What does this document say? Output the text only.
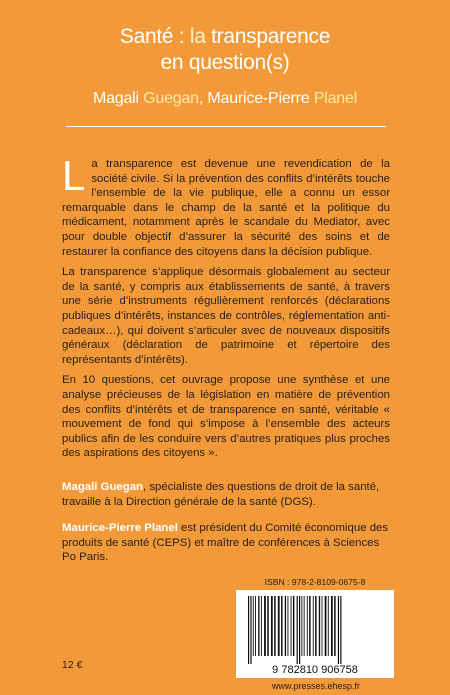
Santé : la transparence
en question(s)
Magali Guegan, Maurice-Pierre Planel

La transparence est devenue une revendication de la société civile. Si la prévention des conflits d’intérêts touche l’ensemble de la vie publique, elle a connu un essor remarquable dans le champ de la santé et la politique du médicament, notamment après le scandale du Mediator, avec pour double objectif d’assurer la sécurité des soins et de restaurer la confiance des citoyens dans la décision publique.

La transparence s’applique désormais globalement au secteur de la santé, y compris aux établissements de santé, à travers une série d’instruments régulièrement renforcés (déclarations publiques d’intérêts, instances de contrôles, réglementation anti-cadeaux…), qui doivent s’articuler avec de nouveaux dispositifs généraux (déclaration de patrimoine et répertoire des représentants d’intérêts).

En 10 questions, cet ouvrage propose une synthèse et une analyse précieuses de la législation en matière de prévention des conflits d’intérêts et de transparence en santé, véritable « mouvement de fond qui s’impose à l’ensemble des acteurs publics afin de les conduire vers d’autres pratiques plus proches des aspirations des citoyens ».

Magali Guegan, spécialiste des questions de droit de la santé, travaille à la Direction générale de la santé (DGS).
Maurice-Pierre Planel est président du Comité économique des produits de santé (CEPS) et maître de conférences à Sciences Po Paris.
ISBN : 978-2-8109-0675-8
9 782810 906758
12 €
www.presses.ehesp.fr
